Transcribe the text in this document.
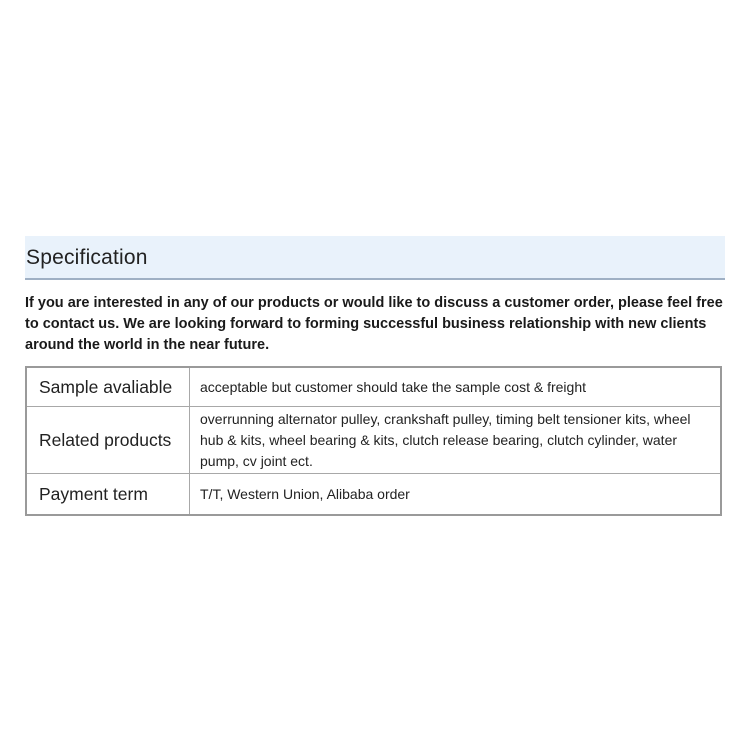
Specification
If you are interested in any of our products or would like to discuss a customer order, please feel free to contact us. We are looking forward to forming successful business relationship with new clients around the world in the near future.
Sample avaliable	acceptable but customer should take the sample cost & freight
Related products	overrunning alternator pulley, crankshaft pulley, timing belt tensioner kits, wheel hub & kits, wheel bearing & kits, clutch release bearing, clutch cylinder, water pump, cv joint ect.
Payment term	T/T, Western Union, Alibaba order
